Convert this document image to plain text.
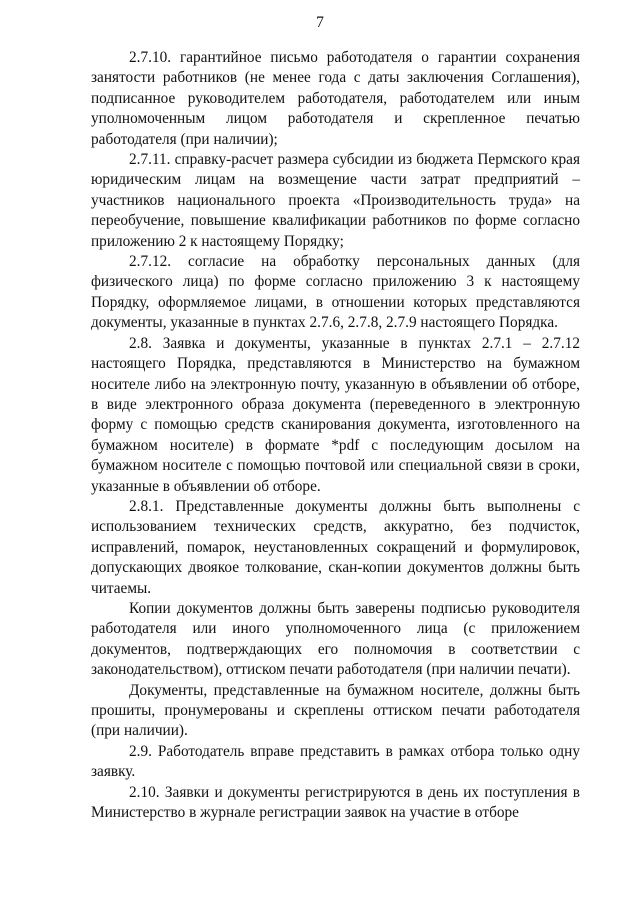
7

2.7.10. гарантийное письмо работодателя о гарантии сохранения занятости работников (не менее года с даты заключения Соглашения), подписанное руководителем работодателя, работодателем или иным уполномоченным лицом работодателя и скрепленное печатью работодателя (при наличии);

2.7.11. справку-расчет размера субсидии из бюджета Пермского края юридическим лицам на возмещение части затрат предприятий – участников национального проекта «Производительность труда» на переобучение, повышение квалификации работников по форме согласно приложению 2 к настоящему Порядку;

2.7.12. согласие на обработку персональных данных (для физического лица) по форме согласно приложению 3 к настоящему Порядку, оформляемое лицами, в отношении которых представляются документы, указанные в пунктах 2.7.6, 2.7.8, 2.7.9 настоящего Порядка.

2.8. Заявка и документы, указанные в пунктах 2.7.1 – 2.7.12 настоящего Порядка, представляются в Министерство на бумажном носителе либо на электронную почту, указанную в объявлении об отборе, в виде электронного образа документа (переведенного в электронную форму с помощью средств сканирования документа, изготовленного на бумажном носителе) в формате *pdf с последующим досылом на бумажном носителе с помощью почтовой или специальной связи в сроки, указанные в объявлении об отборе.

2.8.1. Представленные документы должны быть выполнены с использованием технических средств, аккуратно, без подчисток, исправлений, помарок, неустановленных сокращений и формулировок, допускающих двоякое толкование, скан-копии документов должны быть читаемы.

Копии документов должны быть заверены подписью руководителя работодателя или иного уполномоченного лица (с приложением документов, подтверждающих его полномочия в соответствии с законодательством), оттиском печати работодателя (при наличии печати).

Документы, представленные на бумажном носителе, должны быть прошиты, пронумерованы и скреплены оттиском печати работодателя (при наличии).

2.9. Работодатель вправе представить в рамках отбора только одну заявку.

2.10. Заявки и документы регистрируются в день их поступления в Министерство в журнале регистрации заявок на участие в отборе
